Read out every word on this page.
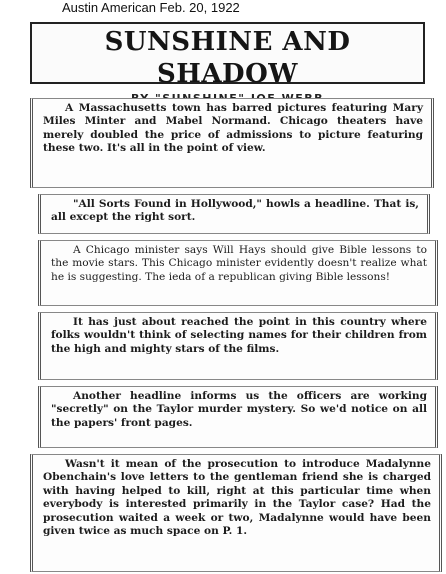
Austin American Feb. 20, 1922
SUNSHINE AND SHADOW
A Massachusetts town has barred pictures featuring Mary Miles Minter and Mabel Normand. Chicago theaters have merely doubled the price of admissions to picture featuring these two. It's all in the point of view.
"All Sorts Found in Hollywood," howls a headline. That is, all except the right sort.
A Chicago minister says Will Hays should give Bible lessons to the movie stars. This Chicago minister evidently doesn't realize what he is suggesting. The ieda of a republican giving Bible lessons!
It has just about reached the point in this country where folks wouldn't think of selecting names for their children from the high and mighty stars of the films.
Another headline informs us the officers are working "secretly" on the Taylor murder mystery. So we'd notice on all the papers' front pages.
Wasn't it mean of the prosecution to introduce Madalynne Obenchain's love letters to the gentleman friend she is charged with having helped to kill, right at this particular time when everybody is interested primarily in the Taylor case? Had the prosecution waited a week or two, Madalynne would have been given twice as much space on P. 1.
